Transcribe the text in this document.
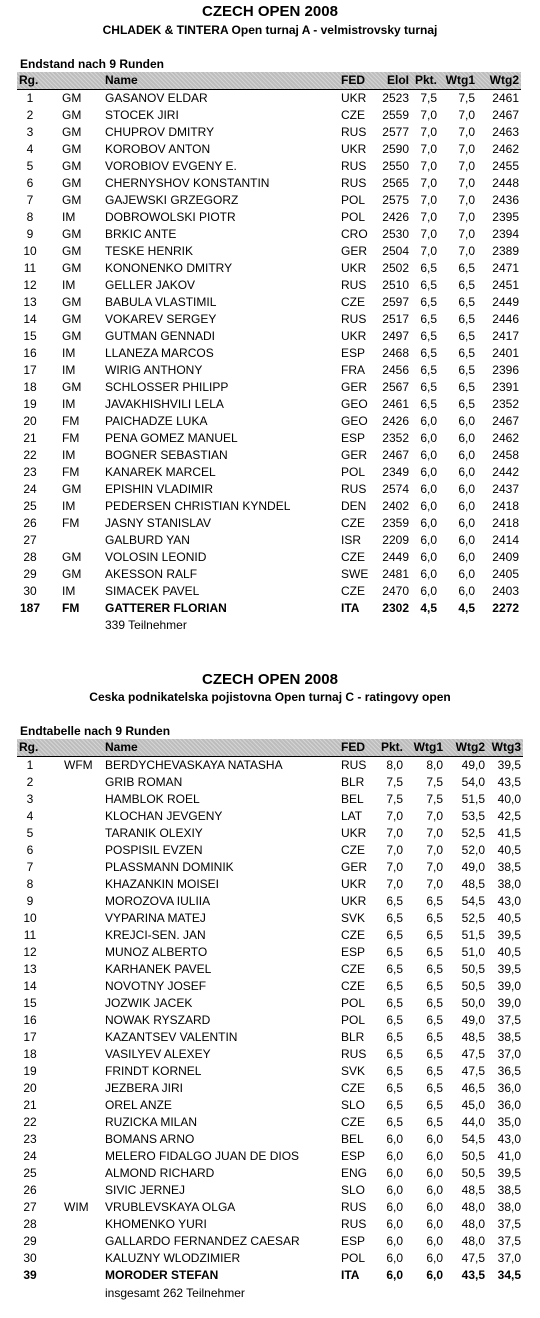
CZECH OPEN 2008
CHLADEK & TINTERA Open turnaj A - velmistrovsky turnaj
Endstand nach 9 Runden
Rg.	Name	FED	EloI Pkt. Wtg1	Wtg2
1	GM GASANOV ELDAR	UKR	2523 7,5	7,5	2461
2	GM STOCEK JIRI	CZE	2559 7,0	7,0	2467
3	GM CHUPROV DMITRY	RUS	2577 7,0	7,0	2463
4	GM KOROBOV ANTON	UKR	2590 7,0	7,0	2462
5	GM VOROBIOV EVGENY E.	RUS	2550 7,0	7,0	2455
6	GM CHERNYSHOV KONSTANTIN	RUS	2565 7,0	7,0	2448
7	GM GAJEWSKI GRZEGORZ	POL	2575 7,0	7,0	2436
8	IM DOBROWOLSKI PIOTR	POL	2426 7,0	7,0	2395
9	GM BRKIC ANTE	CRO	2530 7,0	7,0	2394
10	GM TESKE HENRIK	GER	2504 7,0	7,0	2389
11	GM KONONENKO DMITRY	UKR	2502 6,5	6,5	2471
12	IM GELLER JAKOV	RUS	2510 6,5	6,5	2451
13	GM BABULA VLASTIMIL	CZE	2597 6,5	6,5	2449
14	GM VOKAREV SERGEY	RUS	2517 6,5	6,5	2446
15	GM GUTMAN GENNADI	UKR	2497 6,5	6,5	2417
16	IM LLANEZA MARCOS	ESP	2468 6,5	6,5	2401
17	IM WIRIG ANTHONY	FRA	2456 6,5	6,5	2396
18	GM SCHLOSSER PHILIPP	GER	2567 6,5	6,5	2391
19	IM JAVAKHISHVILI LELA	GEO	2461 6,5	6,5	2352
20	FM PAICHADZE LUKA	GEO	2426 6,0	6,0	2467
21	FM PENA GOMEZ MANUEL	ESP	2352 6,0	6,0	2462
22	IM BOGNER SEBASTIAN	GER	2467 6,0	6,0	2458
23	FM KANAREK MARCEL	POL	2349 6,0	6,0	2442
24	GM EPISHIN VLADIMIR	RUS	2574 6,0	6,0	2437
25	IM PEDERSEN CHRISTIAN KYNDEL	DEN	2402 6,0	6,0	2418
26	FM JASNY STANISLAV	CZE	2359 6,0	6,0	2418
27	GALBURD YAN	ISR	2209 6,0	6,0	2414
28	GM VOLOSIN LEONID	CZE	2449 6,0	6,0	2409
29	GM AKESSON RALF	SWE	2481 6,0	6,0	2405
30	IM SIMACEK PAVEL	CZE	2470 6,0	6,0	2403
187 FM GATTERER FLORIAN	ITA	2302 4,5	4,5	2272
339 Teilnehmer
CZECH OPEN 2008
Ceska podnikatelska pojistovna Open turnaj C - ratingovy open
Endtabelle nach 9 Runden
Rg.	Name	FED	Pkt. Wtg1	Wtg2 Wtg3
1	WFM BERDYCHEVASKAYA NATASHA	RUS	8,0	8,0	49,0	39,5
2	GRIB ROMAN	BLR	7,5	7,5	54,0	43,5
3	HAMBLOK ROEL	BEL	7,5	7,5	51,5	40,0
4	KLOCHAN JEVGENY	LAT	7,0	7,0	53,5	42,5
5	TARANIK OLEXIY	UKR	7,0	7,0	52,5	41,5
6	POSPISIL EVZEN	CZE	7,0	7,0	52,0	40,5
7	PLASSMANN DOMINIK	GER	7,0	7,0	49,0	38,5
8	KHAZANKIN MOISEI	UKR	7,0	7,0	48,5	38,0
9	MOROZOVA IULIIA	UKR	6,5	6,5	54,5	43,0
10	VYPARINA MATEJ	SVK	6,5	6,5	52,5	40,5
11	KREJCI-SEN. JAN	CZE	6,5	6,5	51,5	39,5
12	MUNOZ ALBERTO	ESP	6,5	6,5	51,0	40,5
13	KARHANEK PAVEL	CZE	6,5	6,5	50,5	39,5
14	NOVOTNY JOSEF	CZE	6,5	6,5	50,5	39,0
15	JOZWIK JACEK	POL	6,5	6,5	50,0	39,0
16	NOWAK RYSZARD	POL	6,5	6,5	49,0	37,5
17	KAZANTSEV VALENTIN	BLR	6,5	6,5	48,5	38,5
18	VASILYEV ALEXEY	RUS	6,5	6,5	47,5	37,0
19	FRINDT KORNEL	SVK	6,5	6,5	47,5	36,5
20	JEZBERA JIRI	CZE	6,5	6,5	46,5	36,0
21	OREL ANZE	SLO	6,5	6,5	45,0	36,0
22	RUZICKA MILAN	CZE	6,5	6,5	44,0	35,0
23	BOMANS ARNO	BEL	6,0	6,0	54,5	43,0
24	MELERO FIDALGO JUAN DE DIOS	ESP	6,0	6,0	50,5	41,0
25	ALMOND RICHARD	ENG	6,0	6,0	50,5	39,5
26	SIVIC JERNEJ	SLO	6,0	6,0	48,5	38,5
27	WIM VRUBLEVSKAYA OLGA	RUS	6,0	6,0	48,0	38,0
28	KHOMENKO YURI	RUS	6,0	6,0	48,0	37,5
29	GALLARDO FERNANDEZ CAESAR	ESP	6,0	6,0	48,0	37,5
30	KALUZNY WLODZIMIER	POL	6,0	6,0	47,5	37,0
39	MORODER STEFAN	ITA	6,0	6,0	43,5	34,5
insgesamt 262 Teilnehmer
